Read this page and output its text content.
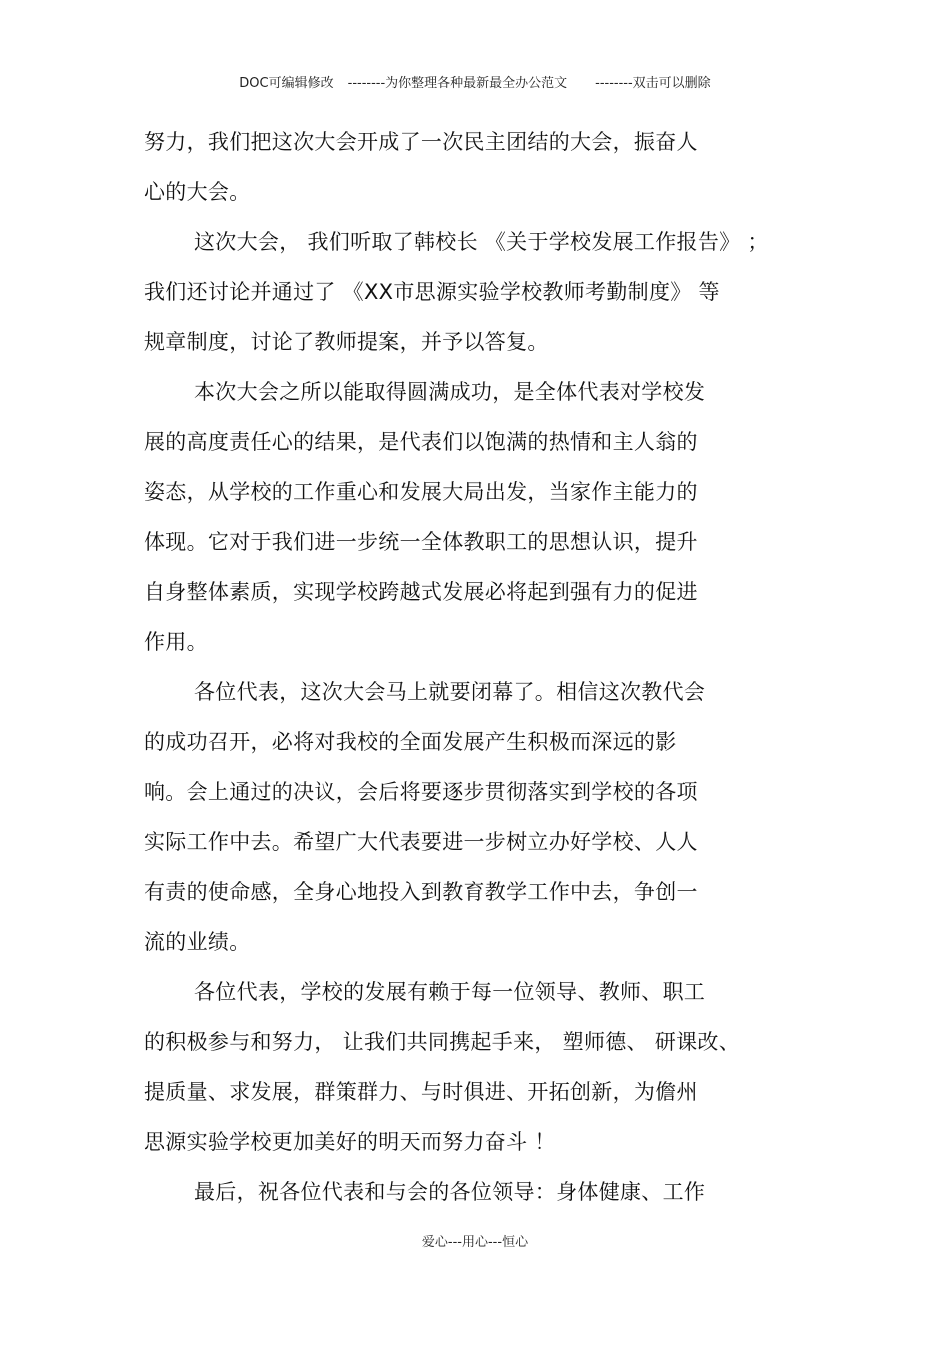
DOC可编辑修改 --------为你整理各种最新最全办公范文 --------双击可以删除
努力，我们把这次大会开成了一次民主团结的大会，振奋人
心的大会。
这次大会， 我们听取了韩校长 《关于学校发展工作报告》 ；
我们还讨论并通过了 《XX市思源实验学校教师考勤制度》 等
规章制度，讨论了教师提案，并予以答复。
本次大会之所以能取得圆满成功，是全体代表对学校发
展的高度责任心的结果，是代表们以饱满的热情和主人翁的
姿态，从学校的工作重心和发展大局出发，当家作主能力的
体现。它对于我们进一步统一全体教职工的思想认识，提升
自身整体素质，实现学校跨越式发展必将起到强有力的促进
作用。
各位代表，这次大会马上就要闭幕了。相信这次教代会
的成功召开，必将对我校的全面发展产生积极而深远的影
响。会上通过的决议，会后将要逐步贯彻落实到学校的各项
实际工作中去。希望广大代表要进一步树立办好学校、人人
有责的使命感，全身心地投入到教育教学工作中去，争创一
流的业绩。
各位代表，学校的发展有赖于每一位领导、教师、职工
的积极参与和努力， 让我们共同携起手来， 塑师德、 研课改、
提质量、求发展，群策群力、与时俱进、开拓创新，为儋州
思源实验学校更加美好的明天而努力奋斗 ！
最后，祝各位代表和与会的各位领导：身体健康、工作
爱心---用心---恒心
